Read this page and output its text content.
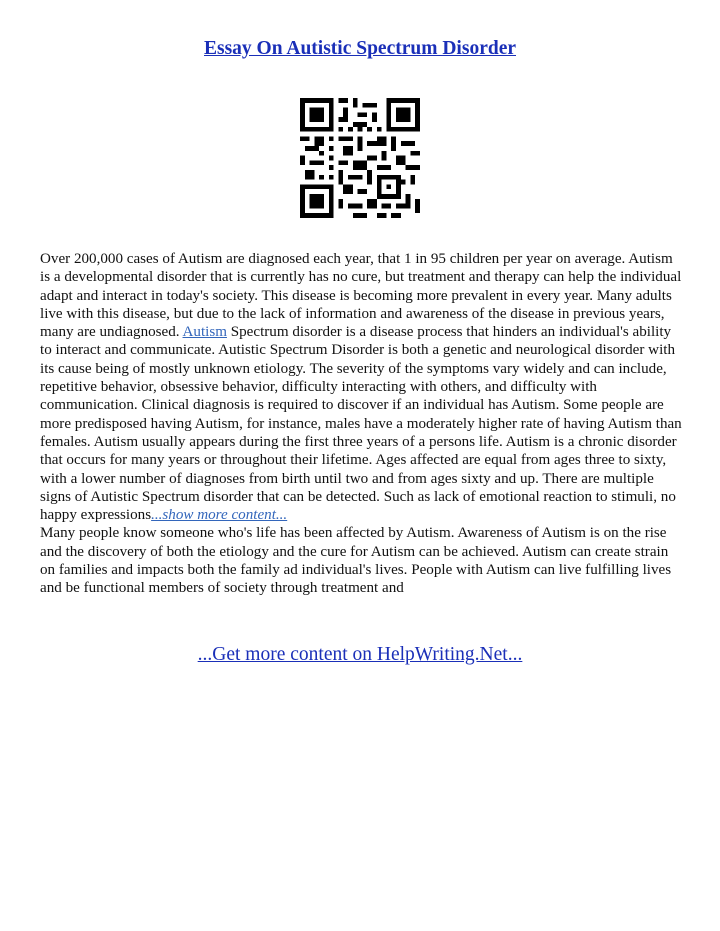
Essay On Autistic Spectrum Disorder

Over 200,000 cases of Autism are diagnosed each year, that 1 in 95 children per year on average. Autism is a developmental disorder that is currently has no cure, but treatment and therapy can help the individual adapt and interact in today's society. This disease is becoming more prevalent in every year. Many adults live with this disease, but due to the lack of information and awareness of the disease in previous years, many are undiagnosed. Autism Spectrum disorder is a disease process that hinders an individual's ability to interact and communicate. Autistic Spectrum Disorder is both a genetic and neurological disorder with its cause being of mostly unknown etiology. The severity of the symptoms vary widely and can include, repetitive behavior, obsessive behavior, difficulty interacting with others, and difficulty with communication. Clinical diagnosis is required to discover if an individual has Autism. Some people are more predisposed having Autism, for instance, males have a moderately higher rate of having Autism than females. Autism usually appears during the first three years of a persons life. Autism is a chronic disorder that occurs for many years or throughout their lifetime. Ages affected are equal from ages three to sixty, with a lower number of diagnoses from birth until two and from ages sixty and up. There are multiple signs of Autistic Spectrum disorder that can be detected. Such as lack of emotional reaction to stimuli, no happy expressions...show more content...

Many people know someone who's life has been affected by Autism. Awareness of Autism is on the rise and the discovery of both the etiology and the cure for Autism can be achieved. Autism can create strain on families and impacts both the family ad individual's lives. People with Autism can live fulfilling lives and be functional members of society through treatment and

...Get more content on HelpWriting.Net...
